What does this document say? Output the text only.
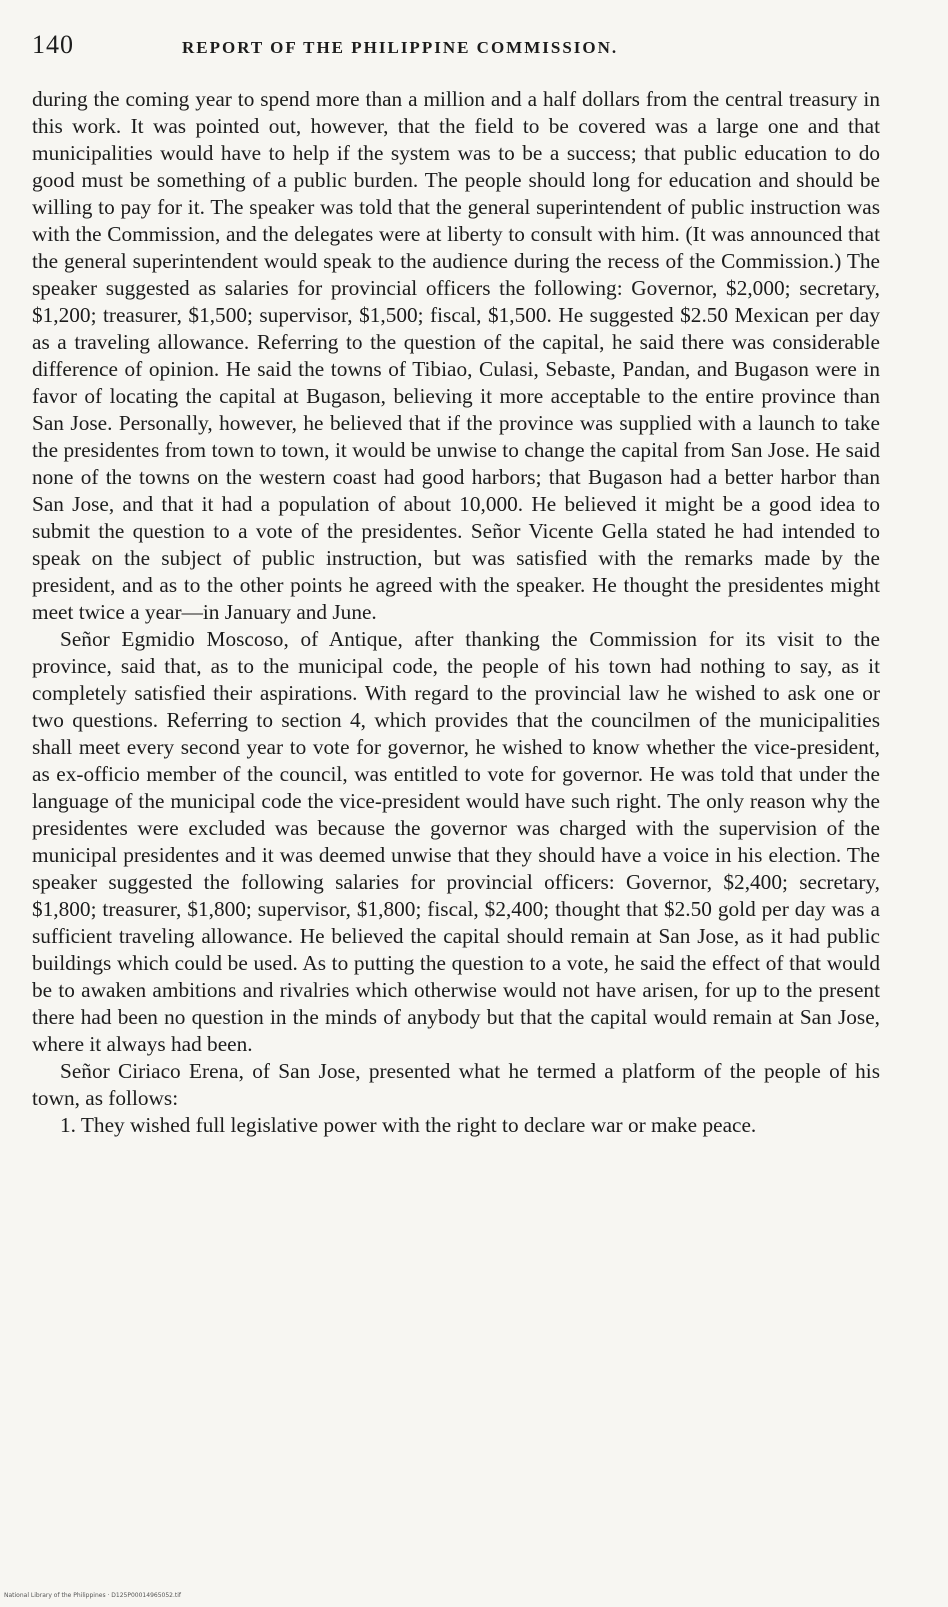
140	REPORT OF THE PHILIPPINE COMMISSION.

during the coming year to spend more than a million and a half dollars from the central treasury in this work. It was pointed out, however, that the field to be covered was a large one and that municipalities would have to help if the system was to be a success; that public education to do good must be something of a public burden. The people should long for education and should be willing to pay for it. The speaker was told that the general superintendent of public instruction was with the Commission, and the delegates were at liberty to consult with him. (It was announced that the general superintendent would speak to the audience during the recess of the Commission.) The speaker suggested as salaries for provincial officers the following: Governor, $2,000; secretary, $1,200; treasurer, $1,500; supervisor, $1,500; fiscal, $1,500. He suggested $2.50 Mexican per day as a traveling allowance. Referring to the question of the capital, he said there was considerable difference of opinion. He said the towns of Tibiao, Culasi, Sebaste, Pandan, and Bugason were in favor of locating the capital at Bugason, believing it more acceptable to the entire province than San Jose. Personally, however, he believed that if the province was supplied with a launch to take the presidentes from town to town, it would be unwise to change the capital from San Jose. He said none of the towns on the western coast had good harbors; that Bugason had a better harbor than San Jose, and that it had a population of about 10,000. He believed it might be a good idea to submit the question to a vote of the presidentes. Señor Vicente Gella stated he had intended to speak on the subject of public instruction, but was satisfied with the remarks made by the president, and as to the other points he agreed with the speaker. He thought the presidentes might meet twice a year—in January and June.

Señor Egmidio Moscoso, of Antique, after thanking the Commission for its visit to the province, said that, as to the municipal code, the people of his town had nothing to say, as it completely satisfied their aspirations. With regard to the provincial law he wished to ask one or two questions. Referring to section 4, which provides that the councilmen of the municipalities shall meet every second year to vote for governor, he wished to know whether the vice-president, as ex-officio member of the council, was entitled to vote for governor. He was told that under the language of the municipal code the vice-president would have such right. The only reason why the presidentes were excluded was because the governor was charged with the supervision of the municipal presidentes and it was deemed unwise that they should have a voice in his election. The speaker suggested the following salaries for provincial officers: Governor, $2,400; secretary, $1,800; treasurer, $1,800; supervisor, $1,800; fiscal, $2,400; thought that $2.50 gold per day was a sufficient traveling allowance. He believed the capital should remain at San Jose, as it had public buildings which could be used. As to putting the question to a vote, he said the effect of that would be to awaken ambitions and rivalries which otherwise would not have arisen, for up to the present there had been no question in the minds of anybody but that the capital would remain at San Jose, where it always had been.

Señor Ciriaco Erena, of San Jose, presented what he termed a platform of the people of his town, as follows:

1. They wished full legislative power with the right to declare war or make peace.

National Library of the Philippines · D125P00014965052.tif
